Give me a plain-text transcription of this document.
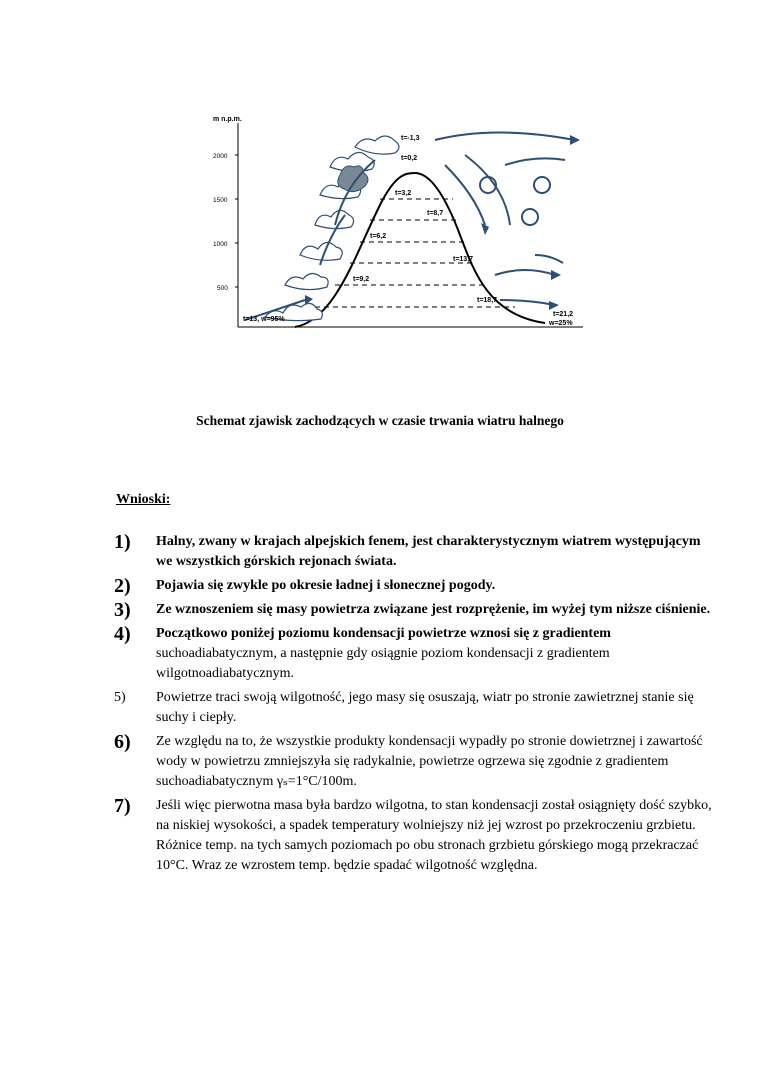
m n.p.m.
2000
1500
1000
500
t=-1,3
t=0,2
t=3,2
t=8,7
t=6,2
t=13,7
t=9,2
t=18,7
t=13, w=95%
t=21,2
w=25%
Schemat zjawisk zachodzących w czasie trwania wiatru halnego
Wnioski:
1)	Halny, zwany w krajach alpejskich fenem, jest charakterystycznym wiatrem występującym we wszystkich górskich rejonach świata.
2)	Pojawia się zwykle po okresie ładnej i słonecznej pogody.
3)	Ze wznoszeniem się masy powietrza związane jest rozprężenie, im wyżej tym niższe ciśnienie.
4)	Początkowo poniżej poziomu kondensacji powietrze wznosi się z gradientem suchoadiabatycznym, a następnie gdy osiągnie poziom kondensacji z gradientem wilgotnoadiabatycznym.
5)	Powietrze traci swoją wilgotność, jego masy się osuszają, wiatr po stronie zawietrznej stanie się suchy i ciepły.
6)	Ze względu na to, że wszystkie produkty kondensacji wypadły po stronie dowietrznej i zawartość wody w powietrzu zmniejszyła się radykalnie, powietrze ogrzewa się zgodnie z gradientem suchoadiabatycznym γₛ=1°C/100m.
7)	Jeśli więc pierwotna masa była bardzo wilgotna, to stan kondensacji został osiągnięty dość szybko, na niskiej wysokości, a spadek temperatury wolniejszy niż jej wzrost po przekroczeniu grzbietu. Różnice temp. na tych samych poziomach po obu stronach grzbietu górskiego mogą przekraczać 10°C. Wraz ze wzrostem temp. będzie spadać wilgotność względna.
